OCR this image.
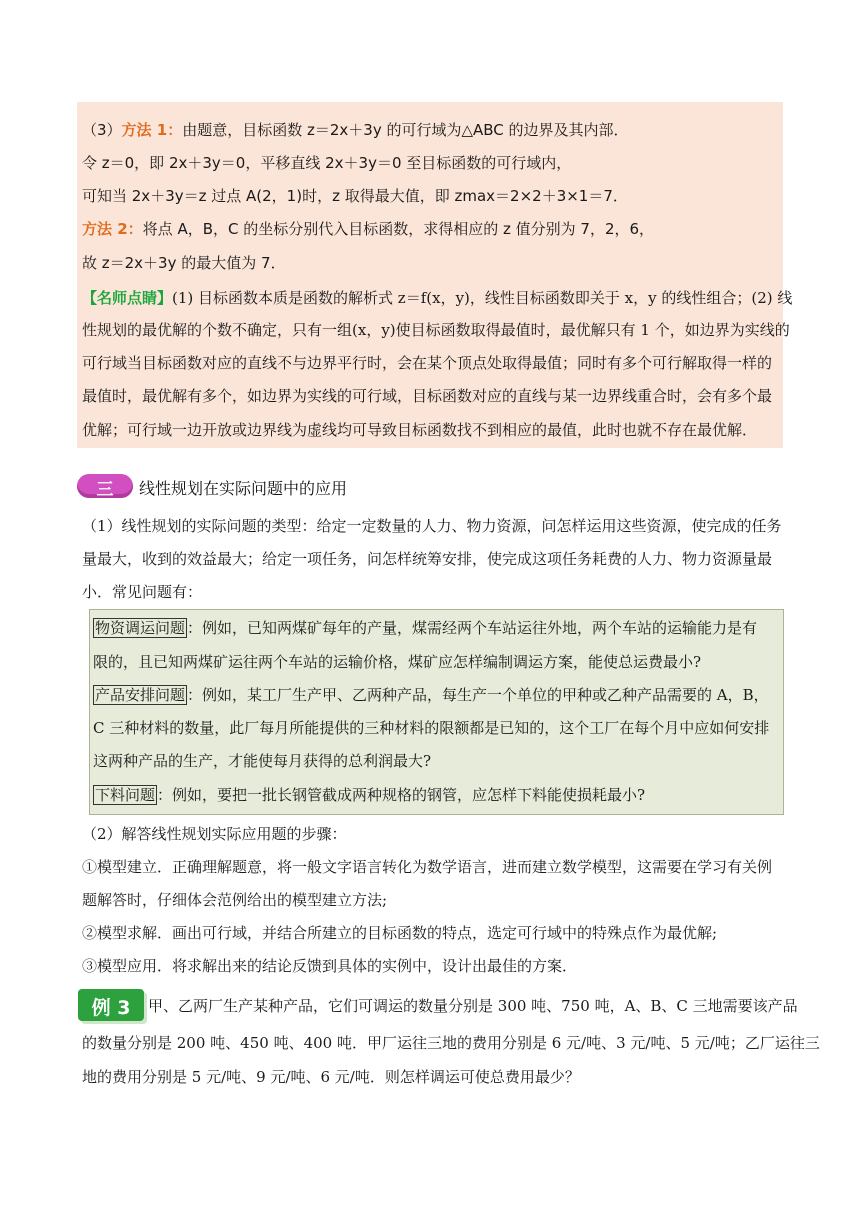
（3）方法 1：由题意，目标函数 z＝2x＋3y 的可行域为△ABC 的边界及其内部．
令 z＝0，即 2x＋3y＝0，平移直线 2x＋3y＝0 至目标函数的可行域内，
可知当 2x＋3y＝z 过点 A(2，1)时，z 取得最大值，即 zmax＝2×2＋3×1＝7．
方法 2：将点 A，B，C 的坐标分别代入目标函数，求得相应的 z 值分别为 7，2，6，
故 z＝2x＋3y 的最大值为 7．
【名师点睛】(1) 目标函数本质是函数的解析式 z＝f(x，y)，线性目标函数即关于 x，y 的线性组合；(2) 线
性规划的最优解的个数不确定，只有一组(x，y)使目标函数取得最值时，最优解只有 1 个，如边界为实线的
可行域当目标函数对应的直线不与边界平行时，会在某个顶点处取得最值；同时有多个可行解取得一样的
最值时，最优解有多个，如边界为实线的可行域，目标函数对应的直线与某一边界线重合时，会有多个最
优解；可行域一边开放或边界线为虚线均可导致目标函数找不到相应的最值，此时也就不存在最优解．
三	线性规划在实际问题中的应用
（1）线性规划的实际问题的类型：给定一定数量的人力、物力资源，问怎样运用这些资源，使完成的任务
量最大，收到的效益最大；给定一项任务，问怎样统筹安排，使完成这项任务耗费的人力、物力资源量最
小．常见问题有：
物资调运问题 ：例如，已知两煤矿每年的产量，煤需经两个车站运往外地，两个车站的运输能力是有
限的，且已知两煤矿运往两个车站的运输价格，煤矿应怎样编制调运方案，能使总运费最小?
产品安排问题 ：例如，某工厂生产甲、乙两种产品，每生产一个单位的甲种或乙种产品需要的 A，B，
C 三种材料的数量，此厂每月所能提供的三种材料的限额都是已知的，这个工厂在每个月中应如何安排
这两种产品的生产，才能使每月获得的总利润最大?
下料问题 ：例如，要把一批长钢管截成两种规格的钢管，应怎样下料能使损耗最小?
（2）解答线性规划实际应用题的步骤：
①模型建立．正确理解题意，将一般文字语言转化为数学语言，进而建立数学模型，这需要在学习有关例
题解答时，仔细体会范例给出的模型建立方法;
②模型求解．画出可行域，并结合所建立的目标函数的特点，选定可行域中的特殊点作为最优解;
③模型应用．将求解出来的结论反馈到具体的实例中，设计出最佳的方案．
例 3	甲、乙两厂生产某种产品，它们可调运的数量分别是 300 吨、750 吨，A、B、C 三地需要该产品
的数量分别是 200 吨、450 吨、400 吨．甲厂运往三地的费用分别是 6 元/吨、3 元/吨、5 元/吨；乙厂运往三
地的费用分别是 5 元/吨、9 元/吨、6 元/吨．则怎样调运可使总费用最少？
